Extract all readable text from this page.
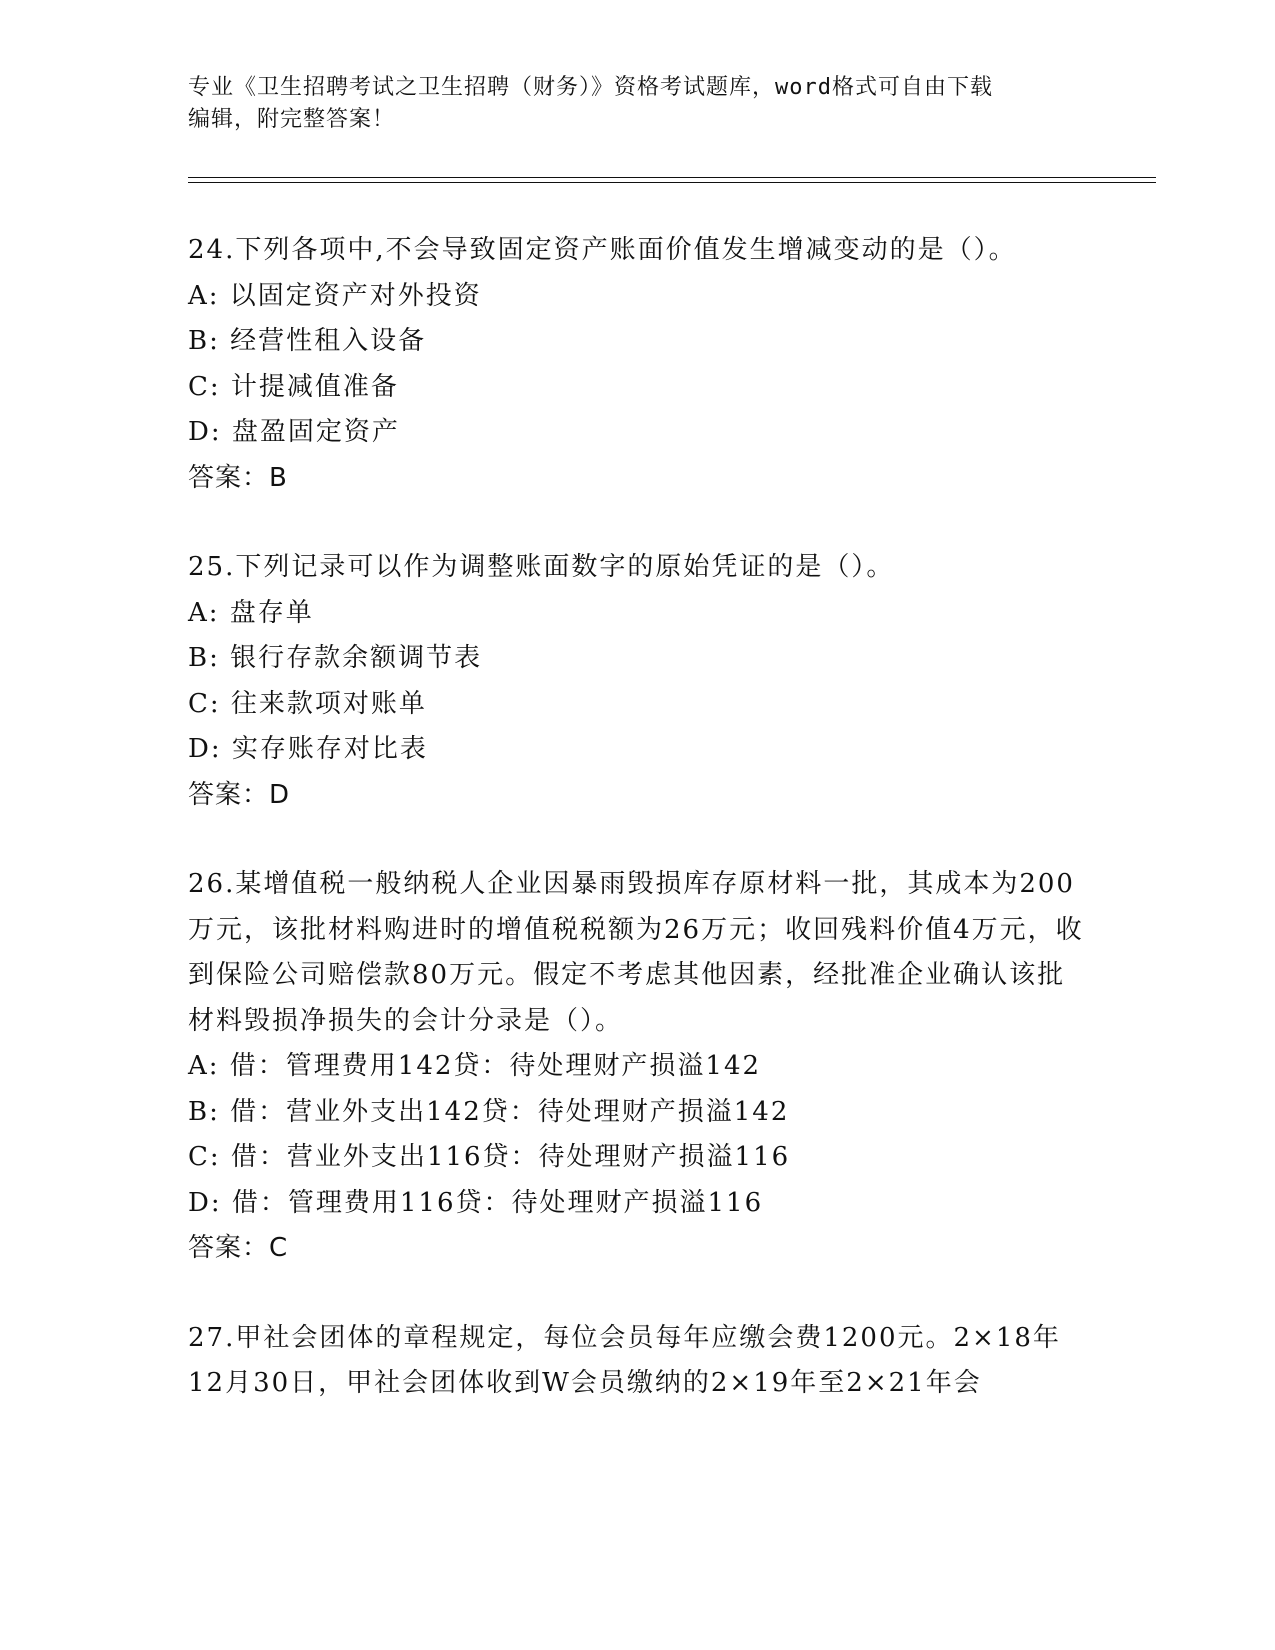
专业《卫生招聘考试之卫生招聘（财务）》资格考试题库，word格式可自由下载
编辑，附完整答案！

24.下列各项中,不会导致固定资产账面价值发生增减变动的是（）。

A: 以固定资产对外投资

B: 经营性租入设备

C: 计提减值准备

D: 盘盈固定资产

答案：B

25.下列记录可以作为调整账面数字的原始凭证的是（）。

A: 盘存单

B: 银行存款余额调节表

C: 往来款项对账单

D: 实存账存对比表

答案：D

26.某增值税一般纳税人企业因暴雨毁损库存原材料一批，其成本为200万元，该批材料购进时的增值税税额为26万元；收回残料价值4万元，收到保险公司赔偿款80万元。假定不考虑其他因素，经批准企业确认该批材料毁损净损失的会计分录是（）。

A: 借：管理费用142贷：待处理财产损溢142

B: 借：营业外支出142贷：待处理财产损溢142

C: 借：营业外支出116贷：待处理财产损溢116

D: 借：管理费用116贷：待处理财产损溢116

答案：C

27.甲社会团体的章程规定，每位会员每年应缴会费1200元。2×18年12月30日，甲社会团体收到W会员缴纳的2×19年至2×21年会
